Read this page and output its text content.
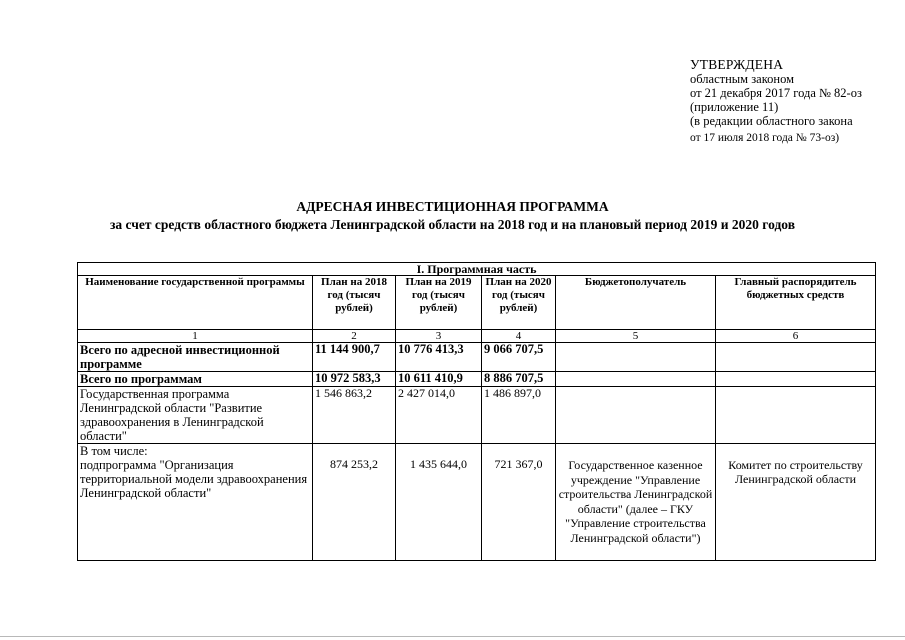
УТВЕРЖДЕНА
областным законом
от 21 декабря 2017 года № 82-оз
(приложение 11)
(в редакции областного закона
от 17 июля 2018 года № 73-оз)
АДРЕСНАЯ ИНВЕСТИЦИОННАЯ ПРОГРАММА
за счет средств областного бюджета Ленинградской области на 2018 год и на плановый период 2019 и 2020 годов
I. Программная часть					
Наименование государственной программы	План на 2018 год (тысяч рублей)	План на 2019 год (тысяч рублей)	План на 2020 год (тысяч рублей)	Бюджетополучатель	Главный распорядитель бюджетных средств
1	2	3	4	5	6
Всего по адресной инвестиционной программе	11 144 900,7	10 776 413,3	9 066 707,5		
Всего по программам	10 972 583,3	10 611 410,9	8 886 707,5		
Государственная программа Ленинградской области "Развитие здравоохранения в Ленинградской области"	1 546 863,2	2 427 014,0	1 486 897,0		
В том числе:
подпрограмма "Организация территориальной модели здравоохранения Ленинградской области"	874 253,2	1 435 644,0	721 367,0	Государственное казенное учреждение "Управление строительства Ленинградской области" (далее – ГКУ "Управление строительства Ленинградской области")	Комитет по строительству Ленинградской области
